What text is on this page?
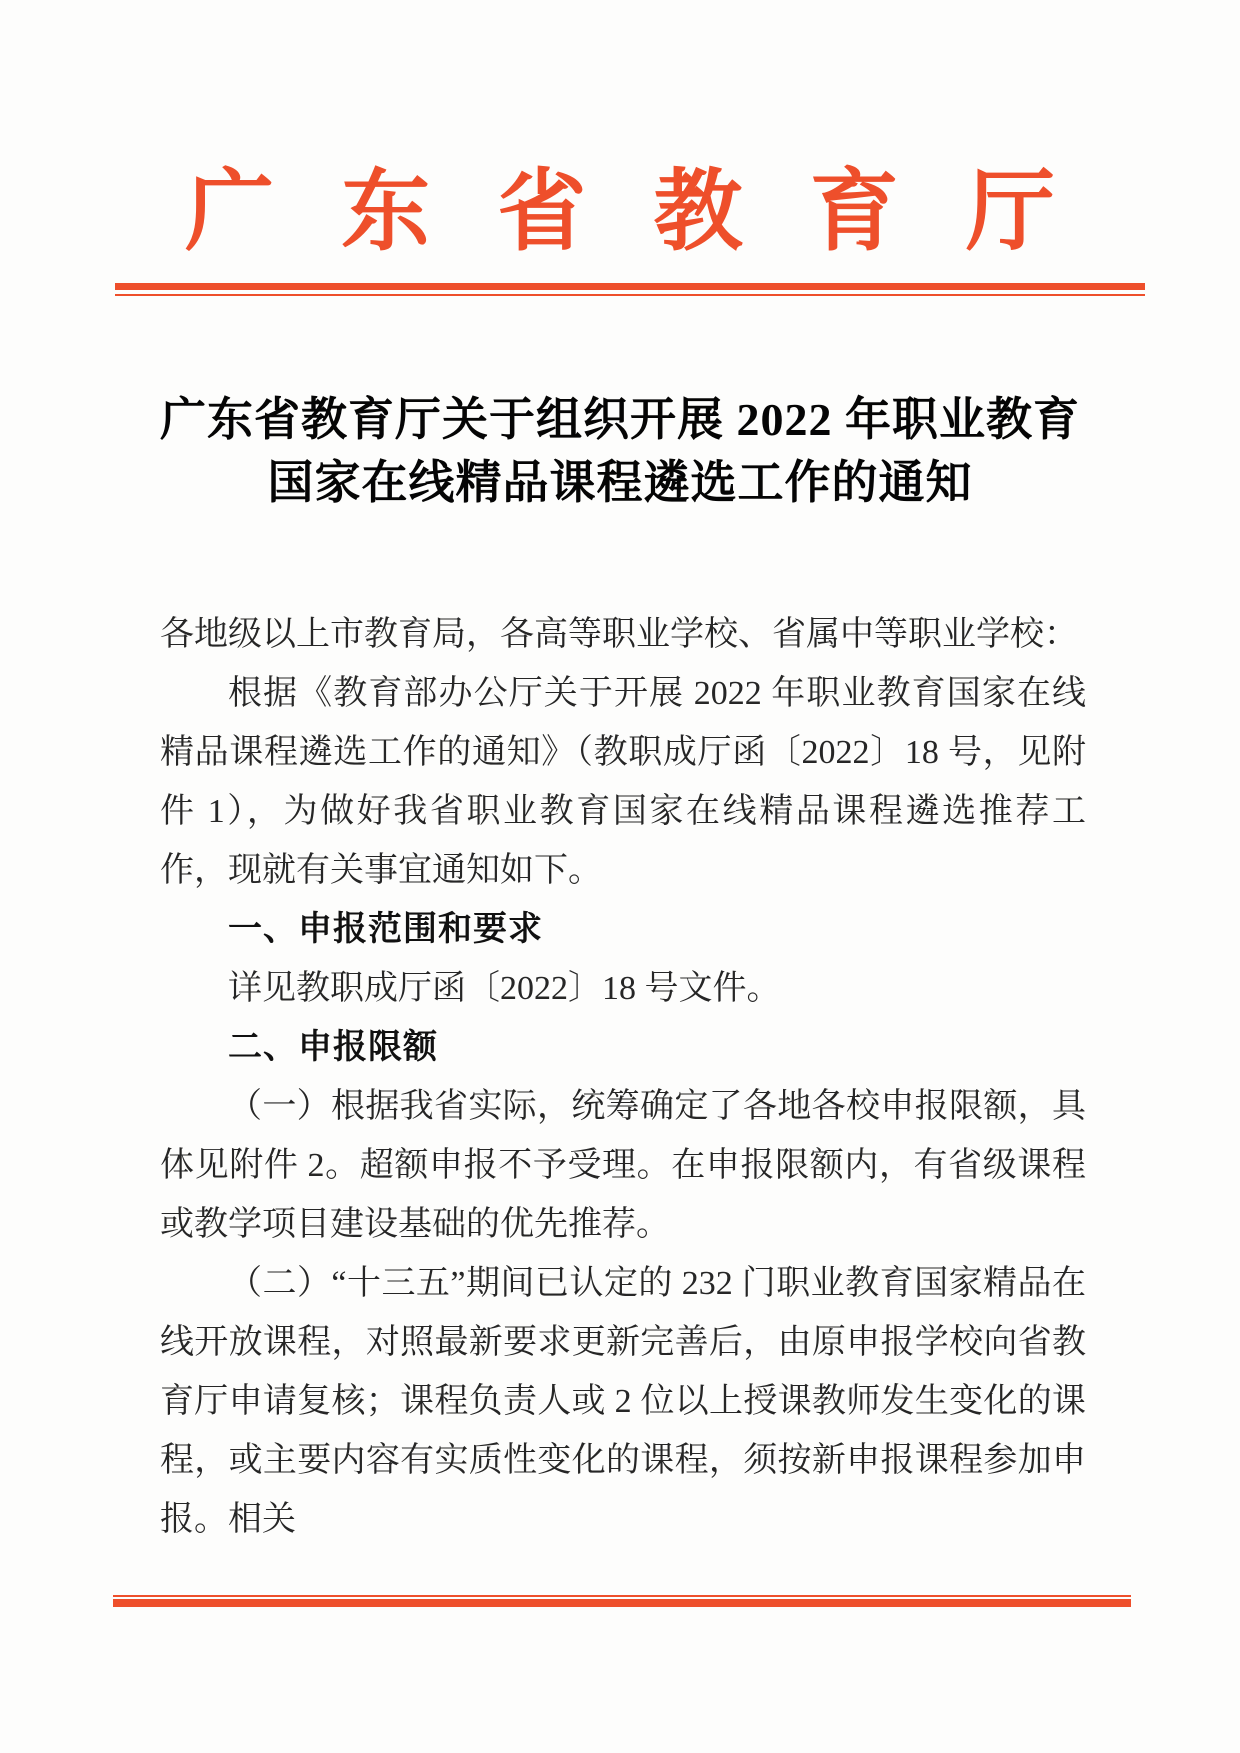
广 东 省 教 育 厅
广东省教育厅关于组织开展 2022 年职业教育
国家在线精品课程遴选工作的通知

各地级以上市教育局，各高等职业学校、省属中等职业学校：

根据《教育部办公厅关于开展 2022 年职业教育国家在线精品课程遴选工作的通知》（教职成厅函〔2022〕18 号，见附件 1），为做好我省职业教育国家在线精品课程遴选推荐工作，现就有关事宜通知如下。

一、申报范围和要求

详见教职成厅函〔2022〕18 号文件。

二、申报限额

（一）根据我省实际，统筹确定了各地各校申报限额，具体见附件 2。超额申报不予受理。在申报限额内，有省级课程或教学项目建设基础的优先推荐。

（二）“十三五”期间已认定的 232 门职业教育国家精品在线开放课程，对照最新要求更新完善后，由原申报学校向省教育厅申请复核；课程负责人或 2 位以上授课教师发生变化的课程，或主要内容有实质性变化的课程，须按新申报课程参加申报。相关
